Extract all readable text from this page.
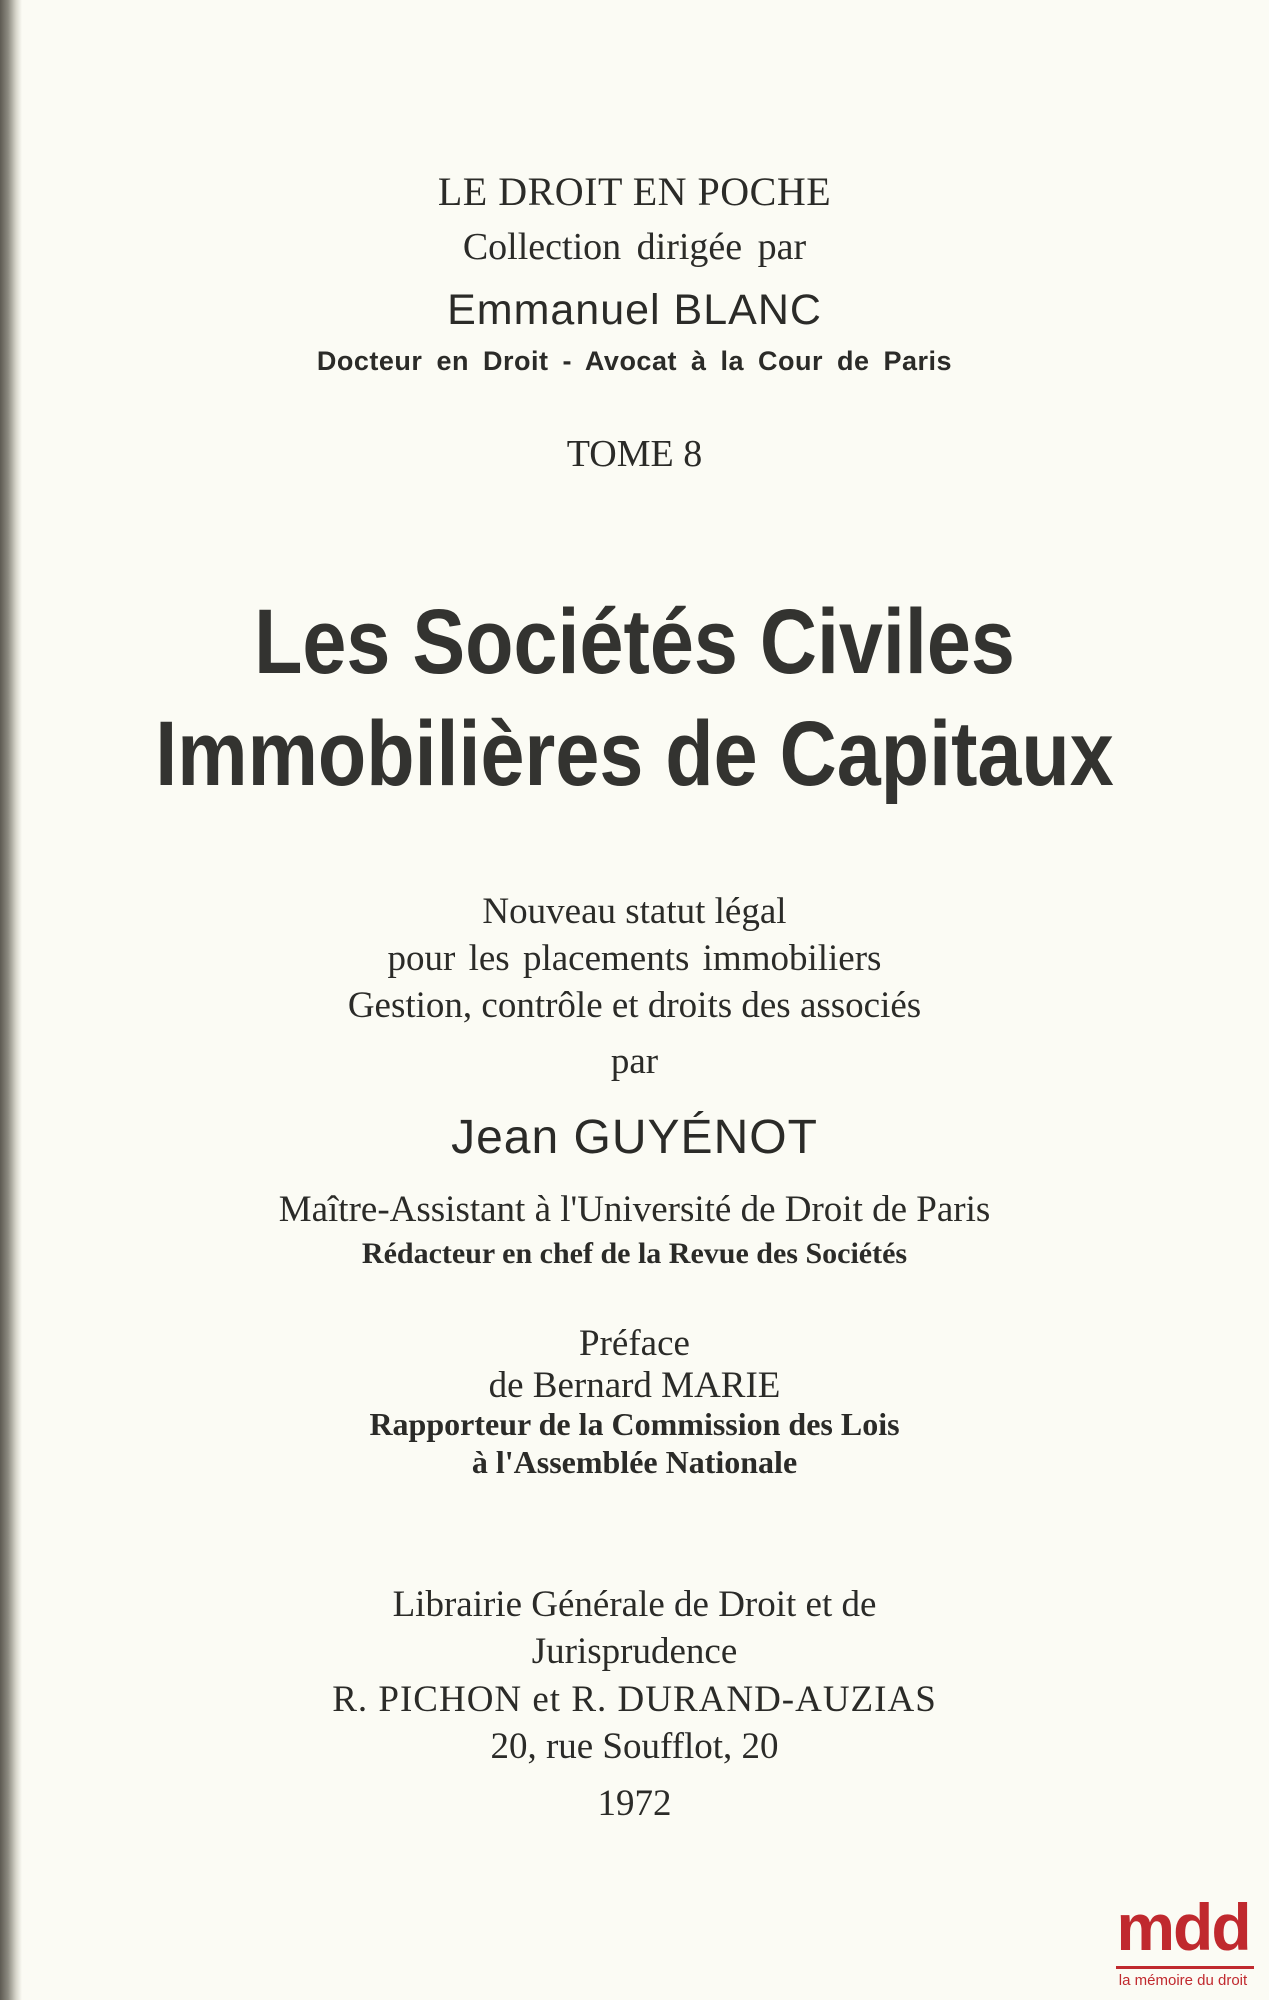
LE DROIT EN POCHE
Collection dirigée par
Emmanuel BLANC
Docteur en Droit - Avocat à la Cour de Paris
TOME 8
Les Sociétés Civiles
Immobilières de Capitaux
Nouveau statut légal
pour les placements immobiliers
Gestion, contrôle et droits des associés
par
Jean GUYÉNOT
Maître-Assistant à l'Université de Droit de Paris
Rédacteur en chef de la Revue des Sociétés
Préface
de Bernard MARIE
Rapporteur de la Commission des Lois
à l'Assemblée Nationale
Librairie Générale de Droit et de
Jurisprudence
R. PICHON et R. DURAND-AUZIAS
20, rue Soufflot, 20
1972
mdd
la mémoire du droit
